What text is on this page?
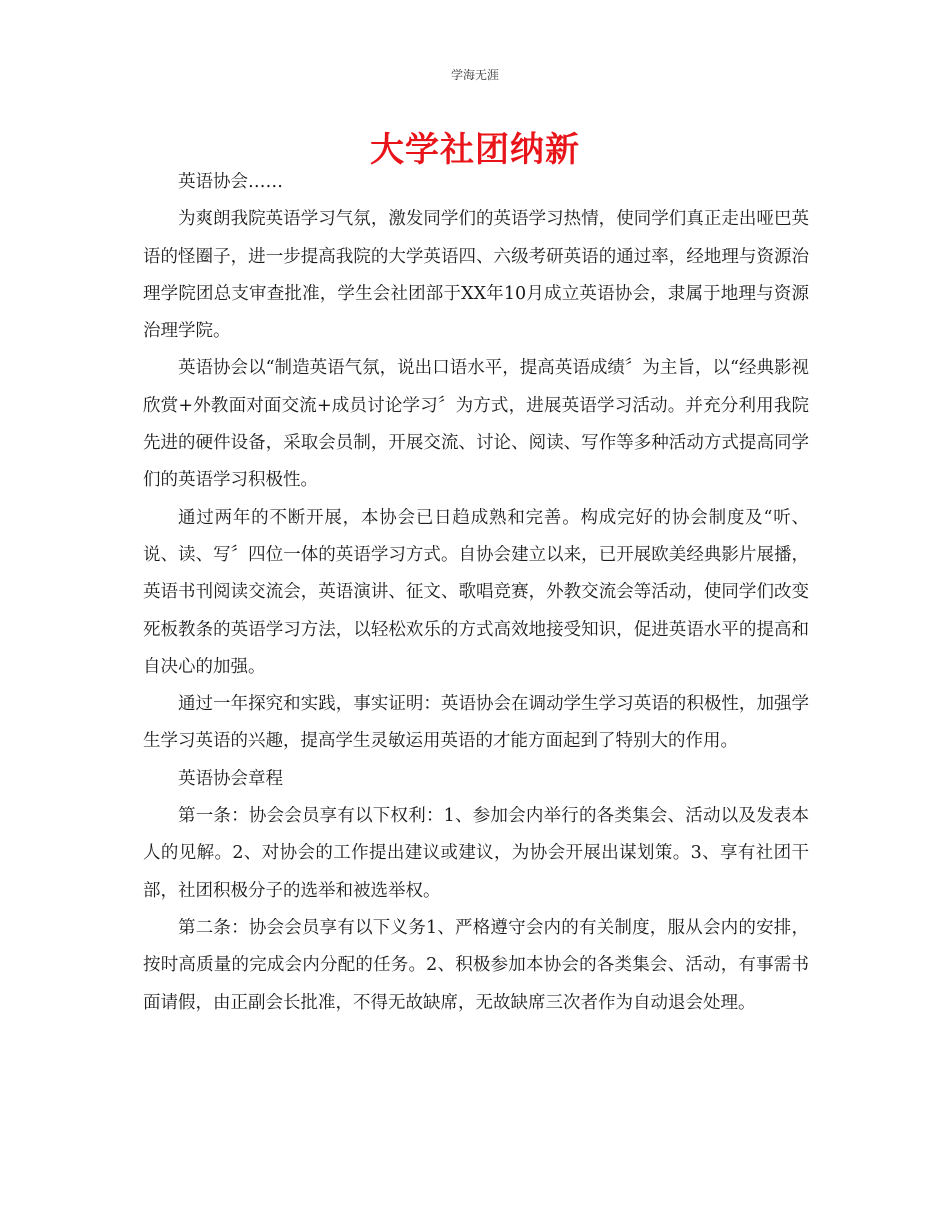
学海无涯
大学社团纳新

英语协会……

为爽朗我院英语学习气氛，激发同学们的英语学习热情，使同学们真正走出哑巴英语的怪圈子，进一步提高我院的大学英语四、六级考研英语的通过率，经地理与资源治理学院团总支审查批准，学生会社团部于XX年10月成立英语协会，隶属于地理与资源治理学院。

英语协会以“制造英语气氛，说出口语水平，提高英语成绩〞为主旨，以“经典影视欣赏+外教面对面交流+成员讨论学习〞为方式，进展英语学习活动。并充分利用我院先进的硬件设备，采取会员制，开展交流、讨论、阅读、写作等多种活动方式提高同学们的英语学习积极性。

通过两年的不断开展，本协会已日趋成熟和完善。构成完好的协会制度及“听、说、读、写〞四位一体的英语学习方式。自协会建立以来，已开展欧美经典影片展播，英语书刊阅读交流会，英语演讲、征文、歌唱竞赛，外教交流会等活动，使同学们改变死板教条的英语学习方法，以轻松欢乐的方式高效地接受知识，促进英语水平的提高和自决心的加强。

通过一年探究和实践，事实证明：英语协会在调动学生学习英语的积极性，加强学生学习英语的兴趣，提高学生灵敏运用英语的才能方面起到了特别大的作用。

英语协会章程

第一条：协会会员享有以下权利：1、参加会内举行的各类集会、活动以及发表本人的见解。2、对协会的工作提出建议或建议，为协会开展出谋划策。3、享有社团干部，社团积极分子的选举和被选举权。

第二条：协会会员享有以下义务1、严格遵守会内的有关制度，服从会内的安排，按时高质量的完成会内分配的任务。2、积极参加本协会的各类集会、活动，有事需书面请假，由正副会长批准，不得无故缺席，无故缺席三次者作为自动退会处理。
